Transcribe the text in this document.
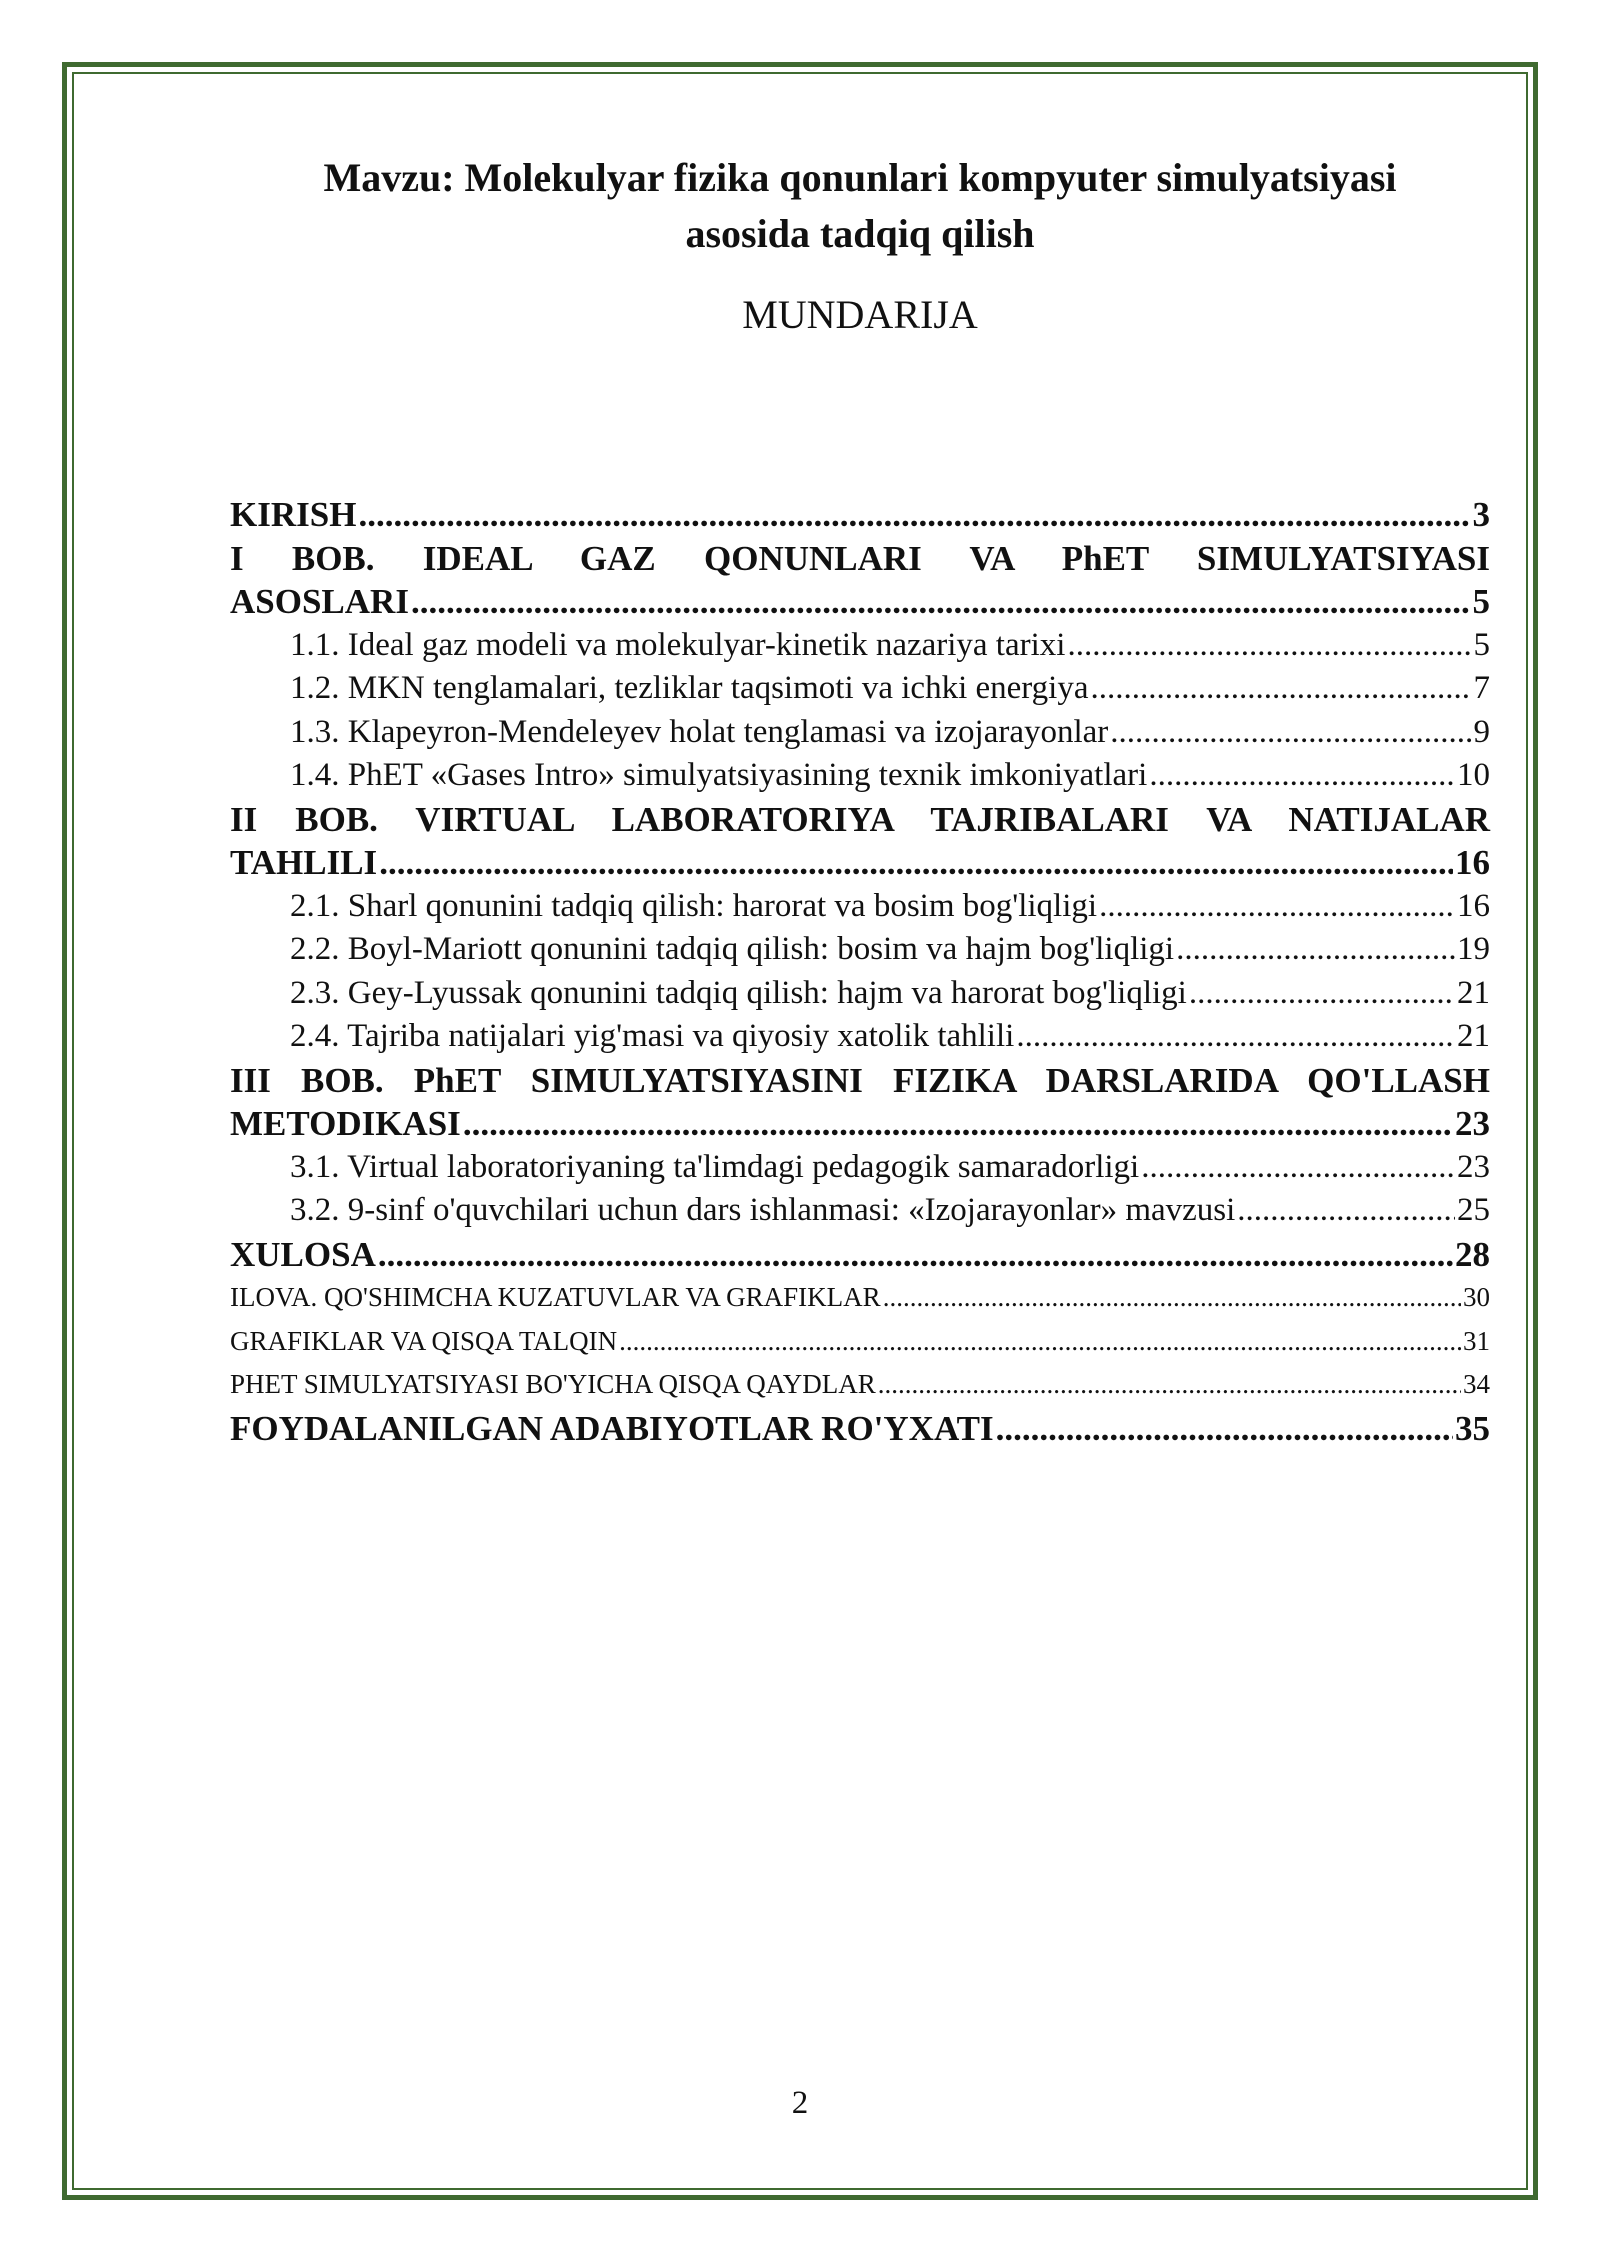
Mavzu: Molekulyar fizika qonunlari kompyuter simulyatsiyasi
asosida tadqiq qilish
MUNDARIJA
KIRISH .....	3
I BOB. IDEAL GAZ QONUNLARI VA PhET SIMULYATSIYASI
ASOSLARI .....	5
1.1. Ideal gaz modeli va molekulyar-kinetik nazariya tarixi .....	5
1.2. MKN tenglamalari, tezliklar taqsimoti va ichki energiya .....	7
1.3. Klapeyron-Mendeleyev holat tenglamasi va izojarayonlar .....	9
1.4. PhET «Gases Intro» simulyatsiyasining texnik imkoniyatlari .....	10
II BOB. VIRTUAL LABORATORIYA TAJRIBALARI VA NATIJALAR
TAHLILI .....	16
2.1. Sharl qonunini tadqiq qilish: harorat va bosim bog'liqligi .....	16
2.2. Boyl-Mariott qonunini tadqiq qilish: bosim va hajm bog'liqligi .....	19
2.3. Gey-Lyussak qonunini tadqiq qilish: hajm va harorat bog'liqligi .....	21
2.4. Tajriba natijalari yig'masi va qiyosiy xatolik tahlili .....	21
III BOB. PhET SIMULYATSIYASINI FIZIKA DARSLARIDA QO'LLASH
METODIKASI .....	23
3.1. Virtual laboratoriyaning ta'limdagi pedagogik samaradorligi .....	23
3.2. 9-sinf o'quvchilari uchun dars ishlanmasi: «Izojarayonlar» mavzusi .....	25
XULOSA .....	28
ILOVA. QO'SHIMCHA KUZATUVLAR VA GRAFIKLAR .....	30
GRAFIKLAR VA QISQA TALQIN .....	31
PHET SIMULYATSIYASI BO'YICHA QISQA QAYDLAR .....	34
FOYDALANILGAN ADABIYOTLAR RO'YXATI .....	35
2
